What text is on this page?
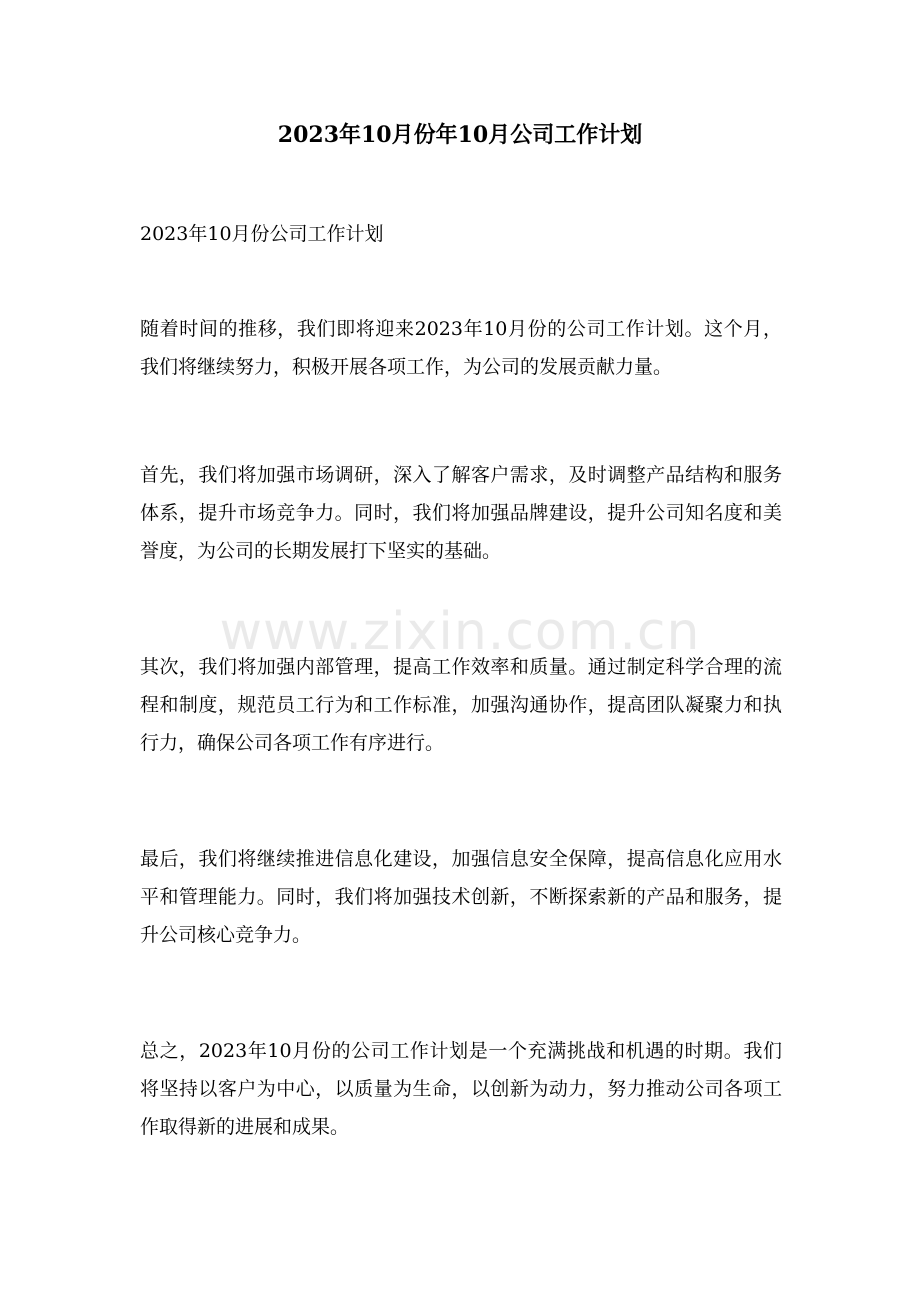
2023年10月份年10月公司工作计划

2023年10月份公司工作计划

随着时间的推移，我们即将迎来2023年10月份的公司工作计划。这个月，我们将继续努力，积极开展各项工作，为公司的发展贡献力量。

首先，我们将加强市场调研，深入了解客户需求，及时调整产品结构和服务体系，提升市场竞争力。同时，我们将加强品牌建设，提升公司知名度和美誉度，为公司的长期发展打下坚实的基础。

其次，我们将加强内部管理，提高工作效率和质量。通过制定科学合理的流程和制度，规范员工行为和工作标准，加强沟通协作，提高团队凝聚力和执行力，确保公司各项工作有序进行。

最后，我们将继续推进信息化建设，加强信息安全保障，提高信息化应用水平和管理能力。同时，我们将加强技术创新，不断探索新的产品和服务，提升公司核心竞争力。

总之，2023年10月份的公司工作计划是一个充满挑战和机遇的时期。我们将坚持以客户为中心，以质量为生命，以创新为动力，努力推动公司各项工作取得新的进展和成果。

www.zixin.com.cn
